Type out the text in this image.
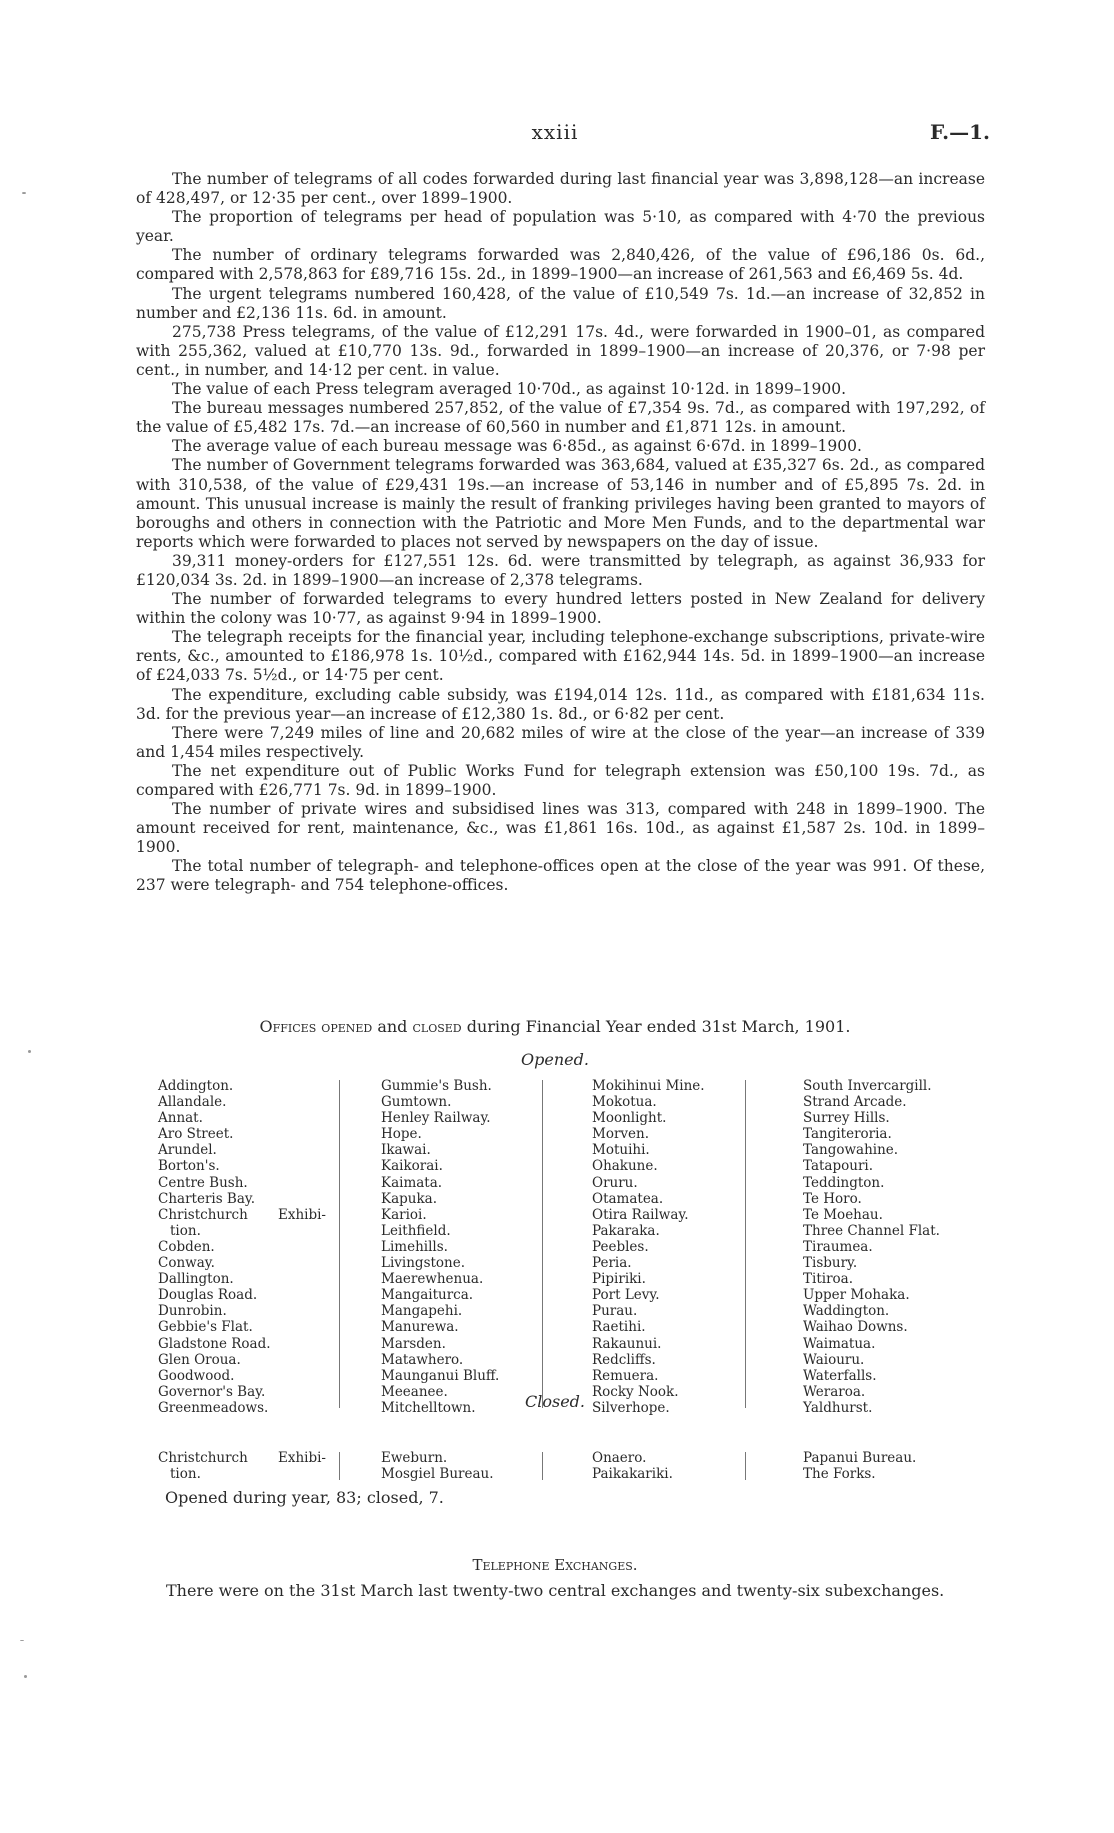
xxiii	F.—1.

The number of telegrams of all codes forwarded during last financial year was 3,898,128—an increase of 428,497, or 12·35 per cent., over 1899–1900.

The proportion of telegrams per head of population was 5·10, as compared with 4·70 the previous year.

The number of ordinary telegrams forwarded was 2,840,426, of the value of £96,186 0s. 6d., compared with 2,578,863 for £89,716 15s. 2d., in 1899–1900—an increase of 261,563 and £6,469 5s. 4d.

The urgent telegrams numbered 160,428, of the value of £10,549 7s. 1d.—an increase of 32,852 in number and £2,136 11s. 6d. in amount.

275,738 Press telegrams, of the value of £12,291 17s. 4d., were forwarded in 1900–01, as compared with 255,362, valued at £10,770 13s. 9d., forwarded in 1899–1900—an increase of 20,376, or 7·98 per cent., in number, and 14·12 per cent. in value.

The value of each Press telegram averaged 10·70d., as against 10·12d. in 1899–1900.

The bureau messages numbered 257,852, of the value of £7,354 9s. 7d., as compared with 197,292, of the value of £5,482 17s. 7d.—an increase of 60,560 in number and £1,871 12s. in amount.

The average value of each bureau message was 6·85d., as against 6·67d. in 1899–1900.

The number of Government telegrams forwarded was 363,684, valued at £35,327 6s. 2d., as compared with 310,538, of the value of £29,431 19s.—an increase of 53,146 in number and of £5,895 7s. 2d. in amount. This unusual increase is mainly the result of franking privileges having been granted to mayors of boroughs and others in connection with the Patriotic and More Men Funds, and to the departmental war reports which were forwarded to places not served by newspapers on the day of issue.

39,311 money-orders for £127,551 12s. 6d. were transmitted by telegraph, as against 36,933 for £120,034 3s. 2d. in 1899–1900—an increase of 2,378 telegrams.

The number of forwarded telegrams to every hundred letters posted in New Zealand for delivery within the colony was 10·77, as against 9·94 in 1899–1900.

The telegraph receipts for the financial year, including telephone-exchange subscriptions, private-wire rents, &c., amounted to £186,978 1s. 10½d., compared with £162,944 14s. 5d. in 1899–1900—an increase of £24,033 7s. 5½d., or 14·75 per cent.

The expenditure, excluding cable subsidy, was £194,014 12s. 11d., as compared with £181,634 11s. 3d. for the previous year—an increase of £12,380 1s. 8d., or 6·82 per cent.

There were 7,249 miles of line and 20,682 miles of wire at the close of the year—an increase of 339 and 1,454 miles respectively.

The net expenditure out of Public Works Fund for telegraph extension was £50,100 19s. 7d., as compared with £26,771 7s. 9d. in 1899–1900.

The number of private wires and subsidised lines was 313, compared with 248 in 1899–1900. The amount received for rent, maintenance, &c., was £1,861 16s. 10d., as against £1,587 2s. 10d. in 1899–1900.

The total number of telegraph- and telephone-offices open at the close of the year was 991. Of these, 237 were telegraph- and 754 telephone-offices.

Offices opened and closed during Financial Year ended 31st March, 1901.
Opened.
Addington.
Allandale.
Annat.
Aro Street.
Arundel.
Borton's.
Centre Bush.
Charteris Bay.
Christchurch Exhibi-
tion.
Cobden.
Conway.
Dallington.
Douglas Road.
Dunrobin.
Gebbie's Flat.
Gladstone Road.
Glen Oroua.
Goodwood.
Governor's Bay.
Greenmeadows.
Gummie's Bush.
Gumtown.
Henley Railway.
Hope.
Ikawai.
Kaikorai.
Kaimata.
Kapuka.
Karioi.
Leithfield.
Limehills.
Livingstone.
Maerewhenua.
Mangaiturca.
Mangapehi.
Manurewa.
Marsden.
Matawhero.
Maunganui Bluff.
Meeanee.
Mitchelltown.
Mokihinui Mine.
Mokotua.
Moonlight.
Morven.
Motuihi.
Ohakune.
Oruru.
Otamatea.
Otira Railway.
Pakaraka.
Peebles.
Peria.
Pipiriki.
Port Levy.
Purau.
Raetihi.
Rakaunui.
Redcliffs.
Remuera.
Rocky Nook.
Silverhope.
South Invercargill.
Strand Arcade.
Surrey Hills.
Tangiteroria.
Tangowahine.
Tatapouri.
Teddington.
Te Horo.
Te Moehau.
Three Channel Flat.
Tiraumea.
Tisbury.
Titiroa.
Upper Mohaka.
Waddington.
Waihao Downs.
Waimatua.
Waiouru.
Waterfalls.
Weraroa.
Yaldhurst.
Closed.
Christchurch Exhibi-
tion.
Eweburn.
Mosgiel Bureau.
Onaero.
Paikakariki.
Papanui Bureau.
The Forks.
Opened during year, 83; closed, 7.
Telephone Exchanges.

There were on the 31st March last twenty-two central exchanges and twenty-six subexchanges.
